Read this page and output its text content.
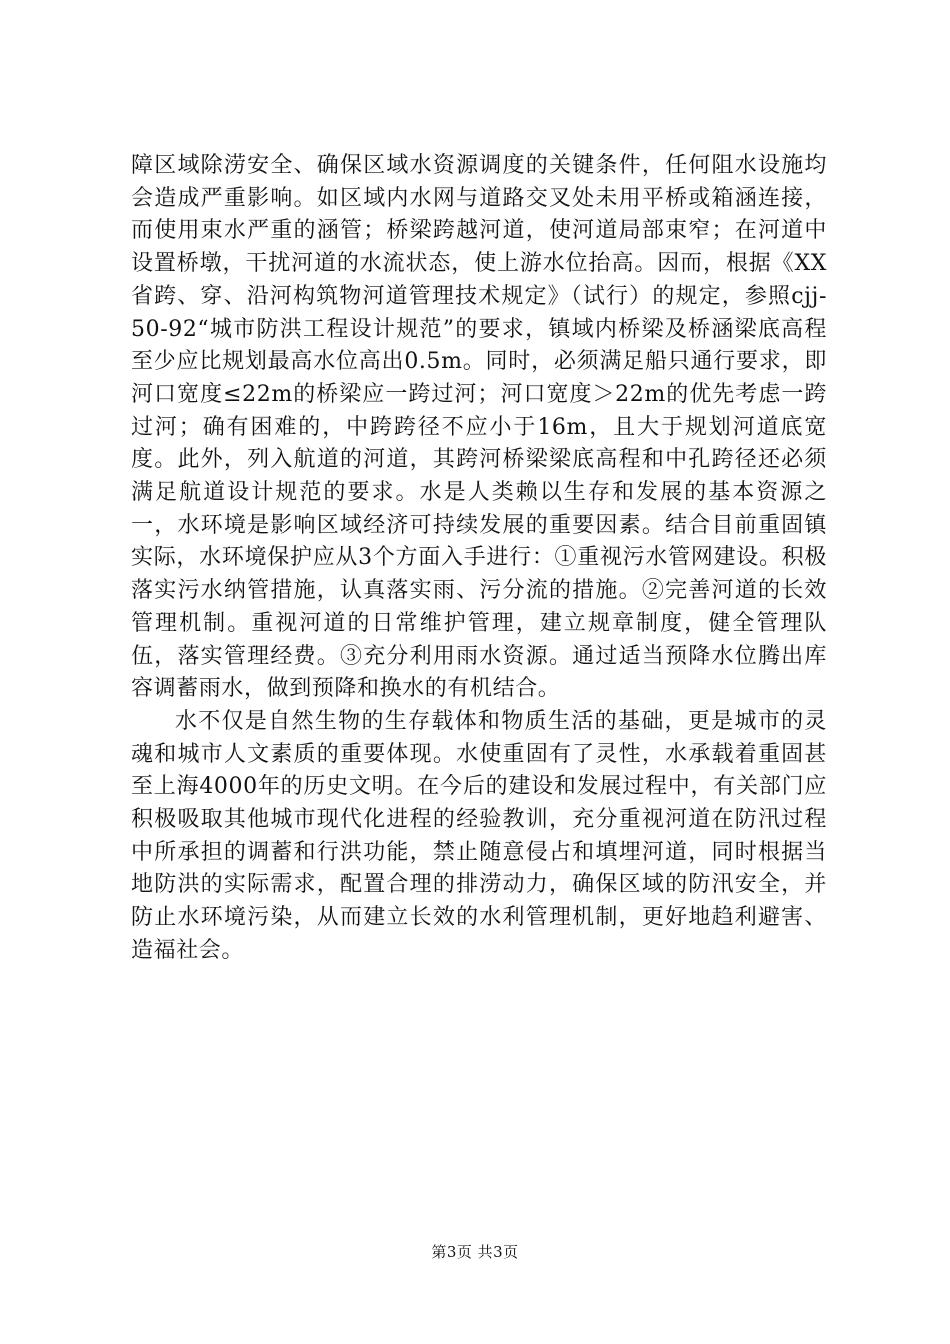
障区域除涝安全、确保区域水资源调度的关键条件，任何阻水设施均会造成严重影响。如区域内水网与道路交叉处未用平桥或箱涵连接，而使用束水严重的涵管；桥梁跨越河道，使河道局部束窄；在河道中设置桥墩，干扰河道的水流状态，使上游水位抬高。因而，根据《XX省跨、穿、沿河构筑物河道管理技术规定》（试行）的规定，参照cjj-50-92“城市防洪工程设计规范”的要求，镇域内桥梁及桥涵梁底高程至少应比规划最高水位高出0.5m。同时，必须满足船只通行要求，即河口宽度≤22m的桥梁应一跨过河；河口宽度＞22m的优先考虑一跨过河；确有困难的，中跨跨径不应小于16m，且大于规划河道底宽度。此外，列入航道的河道，其跨河桥梁梁底高程和中孔跨径还必须满足航道设计规范的要求。水是人类赖以生存和发展的基本资源之一，水环境是影响区域经济可持续发展的重要因素。结合目前重固镇实际，水环境保护应从3个方面入手进行：①重视污水管网建设。积极落实污水纳管措施，认真落实雨、污分流的措施。②完善河道的长效管理机制。重视河道的日常维护管理，建立规章制度，健全管理队伍，落实管理经费。③充分利用雨水资源。通过适当预降水位腾出库容调蓄雨水，做到预降和换水的有机结合。

水不仅是自然生物的生存载体和物质生活的基础，更是城市的灵魂和城市人文素质的重要体现。水使重固有了灵性，水承载着重固甚至上海4000年的历史文明。在今后的建设和发展过程中，有关部门应积极吸取其他城市现代化进程的经验教训，充分重视河道在防汛过程中所承担的调蓄和行洪功能，禁止随意侵占和填埋河道，同时根据当地防洪的实际需求，配置合理的排涝动力，确保区域的防汛安全，并防止水环境污染，从而建立长效的水利管理机制，更好地趋利避害、造福社会。

第3页 共3页
